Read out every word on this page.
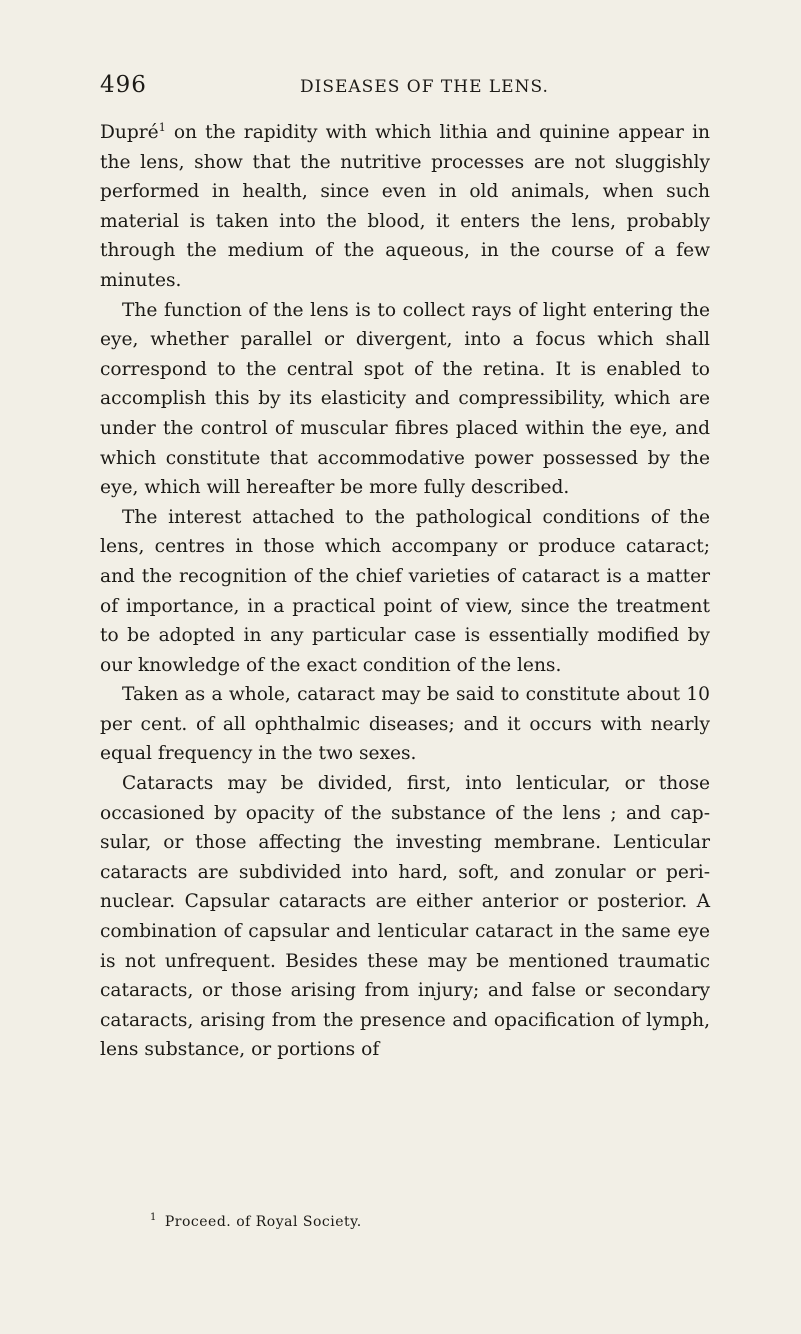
496	DISEASES OF THE LENS.

Dupré$^1$ on the rapidity with which lithia and quinine appear in the lens, show that the nutritive processes are not sluggishly performed in health, since even in old animals, when such material is taken into the blood, it enters the lens, probably through the medium of the aqueous, in the course of a few minutes.

The function of the lens is to collect rays of light entering the eye, whether parallel or divergent, into a focus which shall correspond to the central spot of the retina. It is enabled to accomplish this by its elasticity and compressibility, which are under the control of muscular fibres placed within the eye, and which constitute that accommodative power possessed by the eye, which will hereafter be more fully described.

The interest attached to the pathological conditions of the lens, centres in those which accompany or produce cataract; and the recognition of the chief varieties of cataract is a matter of importance, in a practical point of view, since the treatment to be adopted in any particular case is essentially modified by our knowledge of the exact condition of the lens.

Taken as a whole, cataract may be said to constitute about 10 per cent. of all ophthalmic diseases; and it occurs with nearly equal frequency in the two sexes.

Cataracts may be divided, first, into lenticular, or those occasioned by opacity of the substance of the lens ; and capsular, or those affecting the investing membrane. Lenticular cataracts are subdivided into hard, soft, and zonular or perinuclear. Capsular cataracts are either anterior or posterior. A combination of capsular and lenticular cataract in the same eye is not unfrequent. Besides these may be mentioned traumatic cataracts, or those arising from injury; and false or secondary cataracts, arising from the presence and opacification of lymph, lens substance, or portions of

$^1$ Proceed. of Royal Society.
